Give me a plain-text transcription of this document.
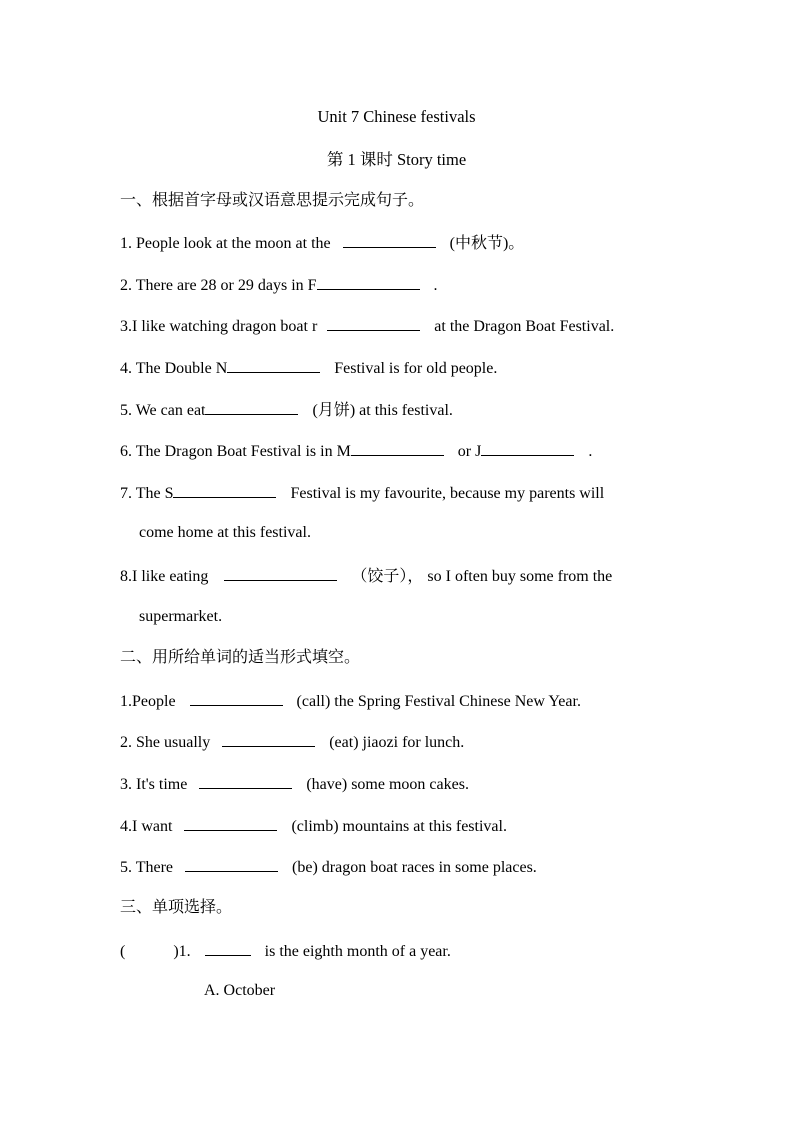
Unit 7 Chinese festivals
第 1 课时 Story time
一、根据首字母或汉语意思提示完成句子。
1. People look at the moon at the	(中秋节)。
2. There are 28 or 29 days in F	.
3.I like watching dragon boat r	at the Dragon Boat Festival.
4. The Double N	Festival is for old people.
5. We can eat	(月饼) at this festival.
6. The Dragon Boat Festival is in M	or J	.
7. The S	Festival is my favourite, because my parents will
come home at this festival.
8.I like eating	（饺子）， so I often buy some from the
supermarket.
二、用所给单词的适当形式填空。
1.People	(call) the Spring Festival Chinese New Year.
2. She usually	(eat) jiaozi for lunch.
3. It's time	(have) some moon cakes.
4.I want	(climb) mountains at this festival.
5. There	(be) dragon boat races in some places.
三、单项选择。
(	)1.	is the eighth month of a year.
A. October
